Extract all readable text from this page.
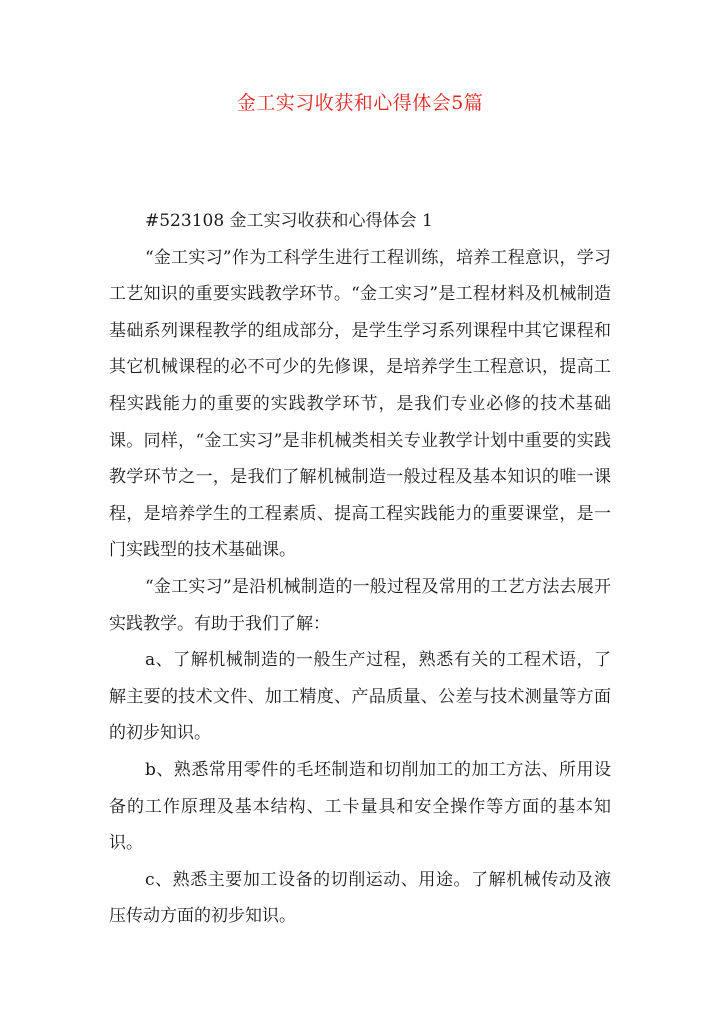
金工实习收获和心得体会5篇

#523108 金工实习收获和心得体会 1

“金工实习”作为工科学生进行工程训练，培养工程意识，学习工艺知识的重要实践教学环节。“金工实习”是工程材料及机械制造基础系列课程教学的组成部分，是学生学习系列课程中其它课程和其它机械课程的必不可少的先修课，是培养学生工程意识，提高工程实践能力的重要的实践教学环节，是我们专业必修的技术基础课。同样，“金工实习”是非机械类相关专业教学计划中重要的实践教学环节之一，是我们了解机械制造一般过程及基本知识的唯一课程，是培养学生的工程素质、提高工程实践能力的重要课堂，是一门实践型的技术基础课。

“金工实习”是沿机械制造的一般过程及常用的工艺方法去展开实践教学。有助于我们了解：

a、了解机械制造的一般生产过程，熟悉有关的工程术语，了解主要的技术文件、加工精度、产品质量、公差与技术测量等方面的初步知识。

b、熟悉常用零件的毛坯制造和切削加工的加工方法、所用设备的工作原理及基本结构、工卡量具和安全操作等方面的基本知识。

c、熟悉主要加工设备的切削运动、用途。了解机械传动及液压传动方面的初步知识。
